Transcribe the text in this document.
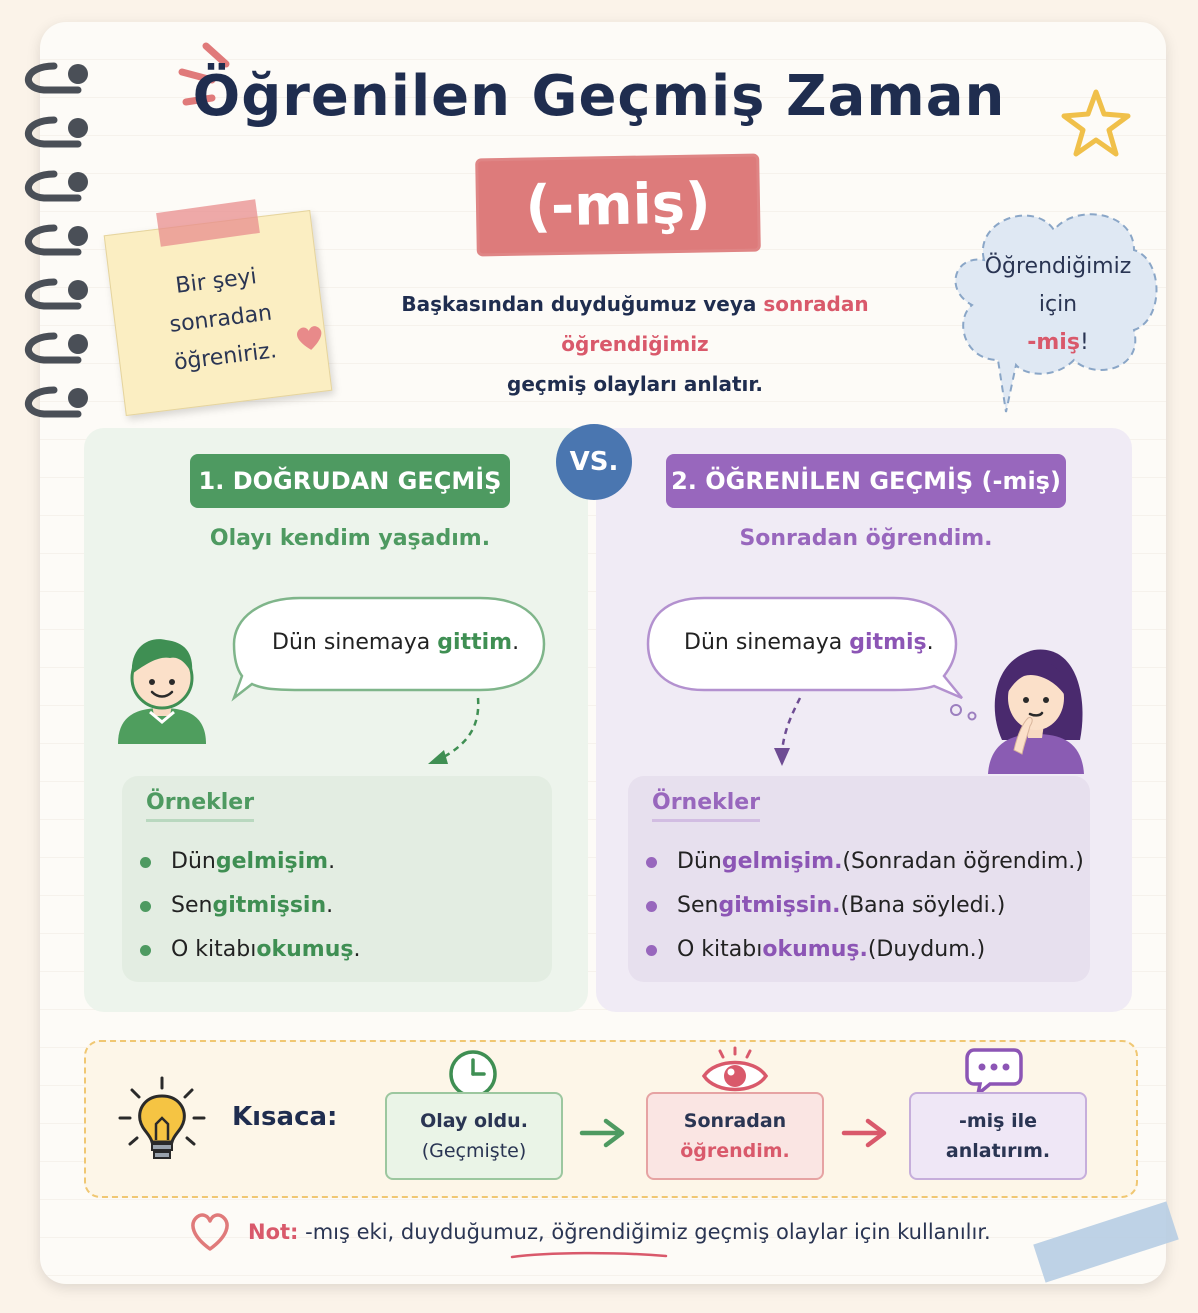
Öğrenilen Geçmiş Zaman
(-miş)
Bir şeyi
sonradan
öğreniriz.
Başkasından duyduğumuz veya sonradan öğrendiğimiz
geçmiş olayları anlatır.
Öğrendiğimiz
için
-miş!
VS.
1. DOĞRUDAN GEÇMİŞ	2. ÖĞRENİLEN GEÇMİŞ (-miş)
Olayı kendim yaşadım.	Sonradan öğrendim.
Dün sinemaya gittim.	Dün sinemaya gitmiş.
Örnekler
Dün gelmişim .
Sen gitmişsin .
O kitabı okumuş .
Örnekler
Dün gelmişim. (Sonradan öğrendim.)
Sen gitmişsin. (Bana söyledi.)
O kitabı okumuş. (Duydum.)
Kısaca:	Olay oldu.
(Geçmişte)
Sonradan
öğrendim.
-miş ile
anlatırım.
Not: -mış eki, duyduğumuz, öğrendiğimiz geçmiş olaylar için kullanılır.
